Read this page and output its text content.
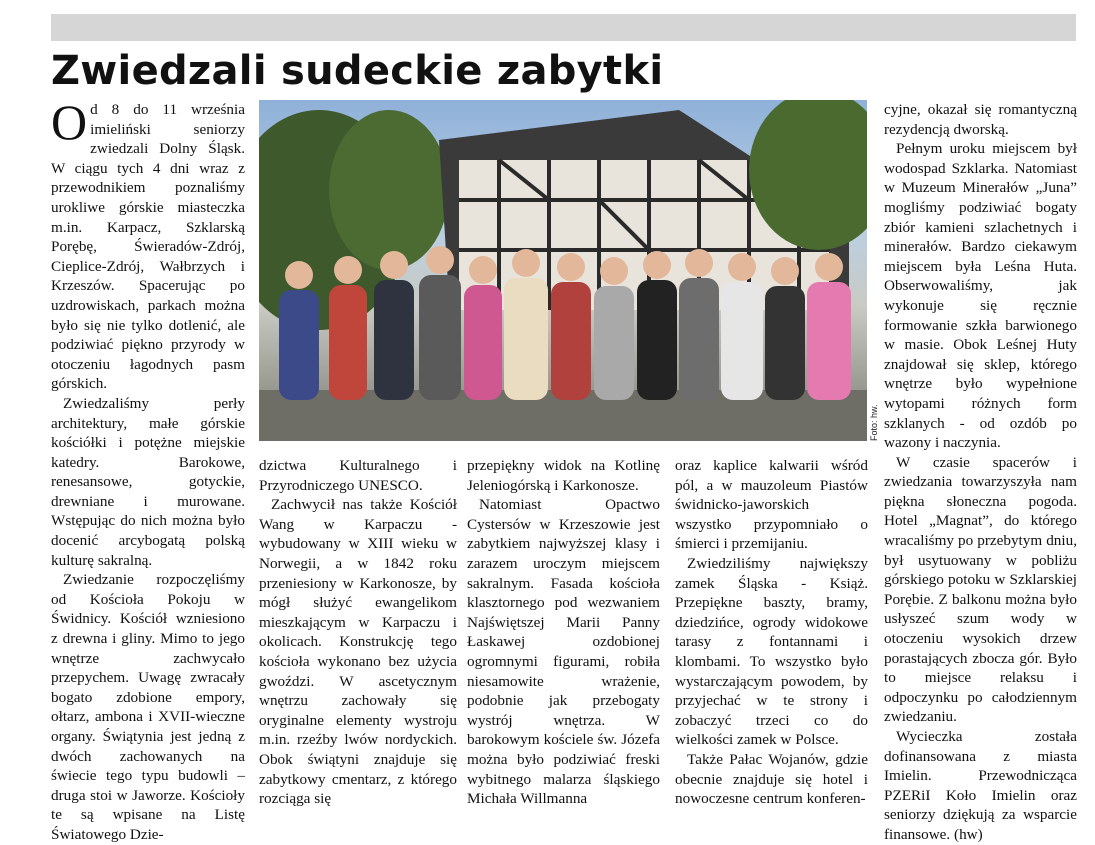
Zwiedzali sudeckie zabytki

Od 8 do 11 września imieliński seniorzy zwiedzali Dolny Śląsk. W ciągu tych 4 dni wraz z przewodnikiem poznaliśmy urokliwe górskie miasteczka m.in. Karpacz, Szklarską Porębę, Świeradów-Zdrój, Cieplice-Zdrój, Wałbrzych i Krzeszów. Spacerując po uzdrowiskach, parkach można było się nie tylko dotlenić, ale podziwiać piękno przyrody w otoczeniu łagodnych pasm górskich.

Zwiedzaliśmy perły architektury, małe górskie kościółki i potężne miejskie katedry. Barokowe, renesansowe, gotyckie, drewniane i murowane. Wstępując do nich można było docenić arcybogatą polską kulturę sakralną.

Zwiedzanie rozpoczęliśmy od Kościoła Pokoju w Świdnicy. Kościół wzniesiono z drewna i gliny. Mimo to jego wnętrze zachwycało przepychem. Uwagę zwracały bogato zdobione empory, ołtarz, ambona i XVII-wieczne organy. Świątynia jest jedną z dwóch zachowanych na świecie tego typu budowli – druga stoi w Jaworze. Kościoły te są wpisane na Listę Światowego Dzie-

Foto: hw.

dzictwa Kulturalnego i Przyrodniczego UNESCO.

Zachwycił nas także Kościół Wang w Karpaczu - wybudowany w XIII wieku w Norwegii, a w 1842 roku przeniesiony w Karkonosze, by mógł służyć ewangelikom mieszkającym w Karpaczu i okolicach. Konstrukcję tego kościoła wykonano bez użycia gwoździ. W ascetycznym wnętrzu zachowały się oryginalne elementy wystroju m.in. rzeźby lwów nordyckich. Obok świątyni znajduje się zabytkowy cmentarz, z którego rozciąga się

przepiękny widok na Kotlinę Jeleniogórską i Karkonosze.

Natomiast Opactwo Cystersów w Krzeszowie jest zabytkiem najwyższej klasy i zarazem uroczym miejscem sakralnym. Fasada kościoła klasztornego pod wezwaniem Najświętszej Marii Panny Łaskawej ozdobionej ogromnymi figurami, robiła niesamowite wrażenie, podobnie jak przebogaty wystrój wnętrza. W barokowym kościele św. Józefa można było podziwiać freski wybitnego malarza śląskiego Michała Willmanna

oraz kaplice kalwarii wśród pól, a w mauzoleum Piastów świdnicko-jaworskich wszystko przypomniało o śmierci i przemijaniu.

Zwiedziliśmy największy zamek Śląska - Książ. Przepiękne baszty, bramy, dziedzińce, ogrody widokowe tarasy z fontannami i klombami. To wszystko było wystarczającym powodem, by przyjechać w te strony i zobaczyć trzeci co do wielkości zamek w Polsce.

Także Pałac Wojanów, gdzie obecnie znajduje się hotel i nowoczesne centrum konferen-

cyjne, okazał się romantyczną rezydencją dworską.

Pełnym uroku miejscem był wodospad Szklarka. Natomiast w Muzeum Minerałów „Juna” mogliśmy podziwiać bogaty zbiór kamieni szlachetnych i minerałów. Bardzo ciekawym miejscem była Leśna Huta. Obserwowaliśmy, jak wykonuje się ręcznie formowanie szkła barwionego w masie. Obok Leśnej Huty znajdował się sklep, którego wnętrze było wypełnione wytopami różnych form szklanych - od ozdób po wazony i naczynia.

W czasie spacerów i zwiedzania towarzyszyła nam piękna słoneczna pogoda. Hotel „Magnat”, do którego wracaliśmy po przebytym dniu, był usytuowany w pobliżu górskiego potoku w Szklarskiej Porębie. Z balkonu można było usłyszeć szum wody w otoczeniu wysokich drzew porastających zbocza gór. Było to miejsce relaksu i odpoczynku po całodziennym zwiedzaniu.

Wycieczka została dofinansowana z miasta Imielin. Przewodnicząca PZERiI Koło Imielin oraz seniorzy dziękują za wsparcie finansowe. (hw)
